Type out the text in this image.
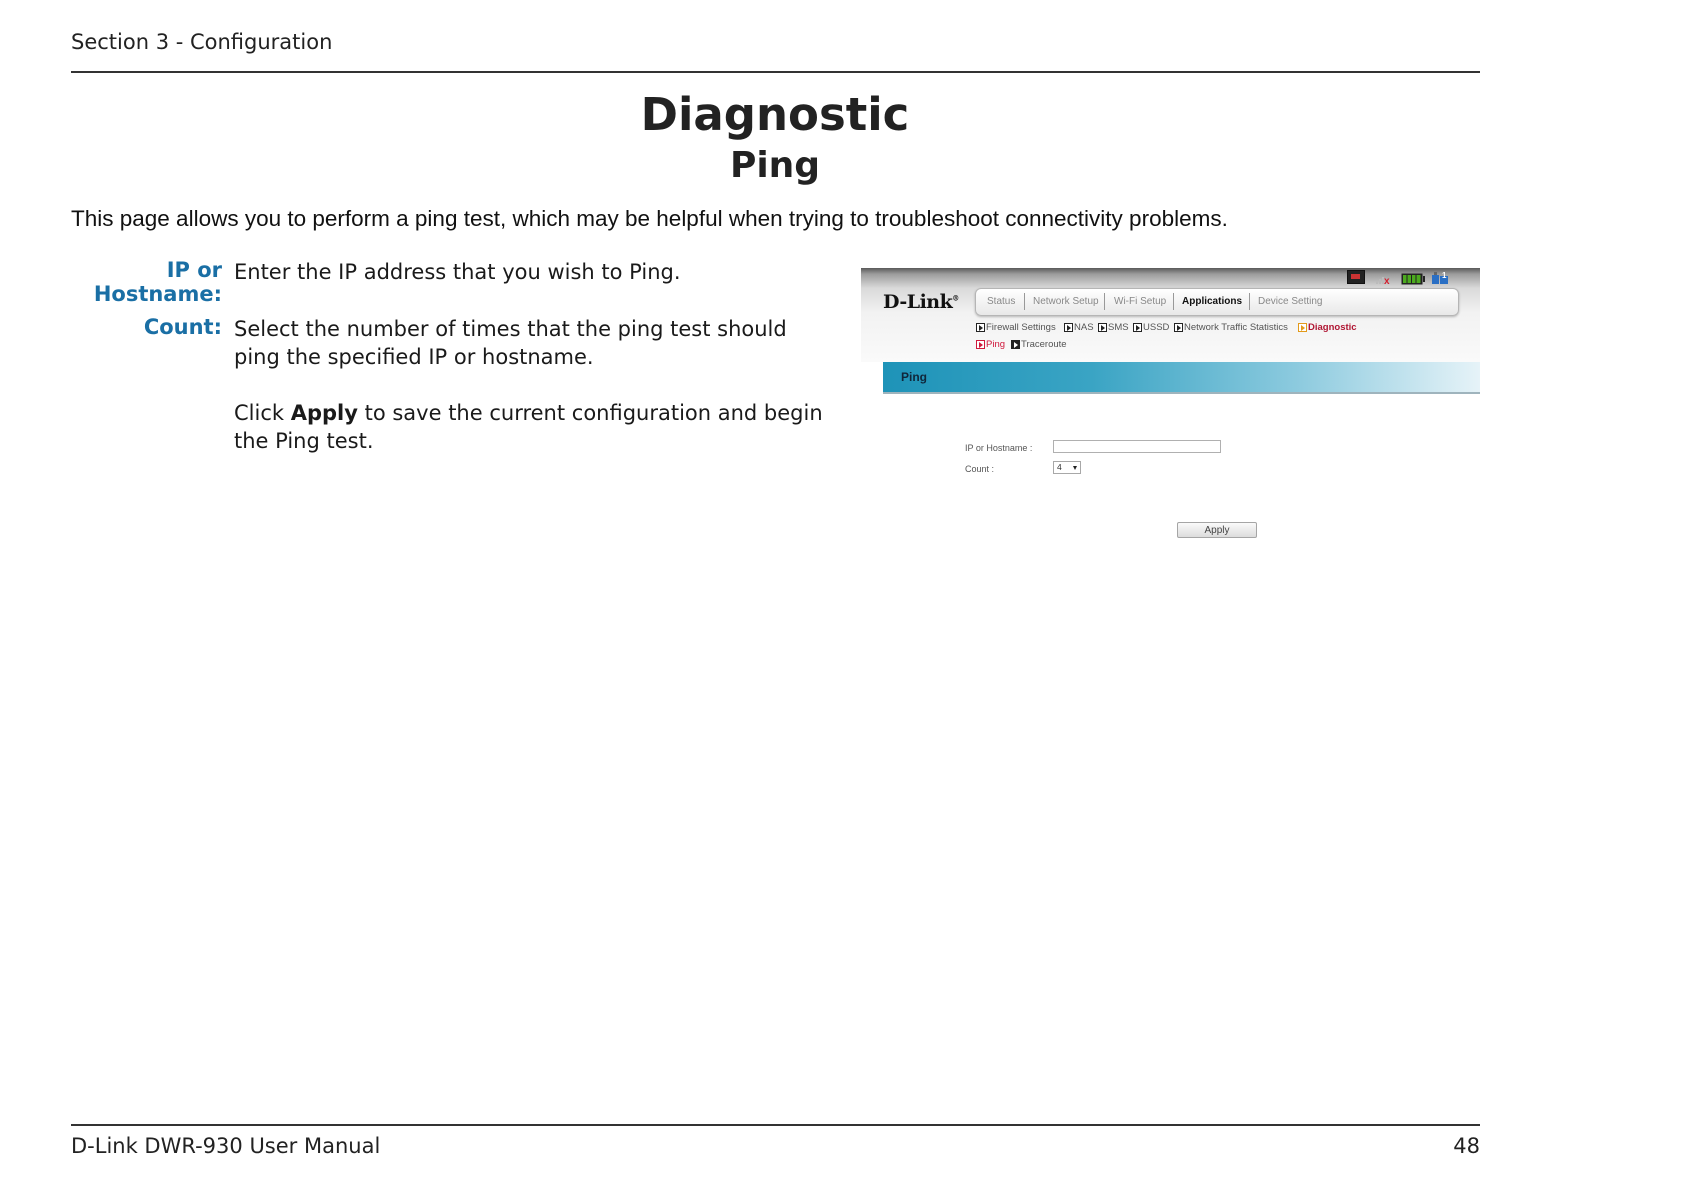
Section 3 - Configuration
Diagnostic
Ping
This page allows you to perform a ping test, which may be helpful when trying to troubleshoot connectivity problems.
IP or Hostname:
Enter the IP address that you wish to Ping.
Count: Select the number of times that the ping test should ping the specified IP or hostname.
Click Apply to save the current configuration and begin the Ping test.
x
1
D-Link®	Status Network Setup Wi-Fi Setup Applications Device Setting
Firewall Settings NAS SMS USSD Network Traffic Statistics Diagnostic
Ping Traceroute
Ping
IP or Hostname :
Count :	4
Apply
D-Link DWR-930 User Manual	48
